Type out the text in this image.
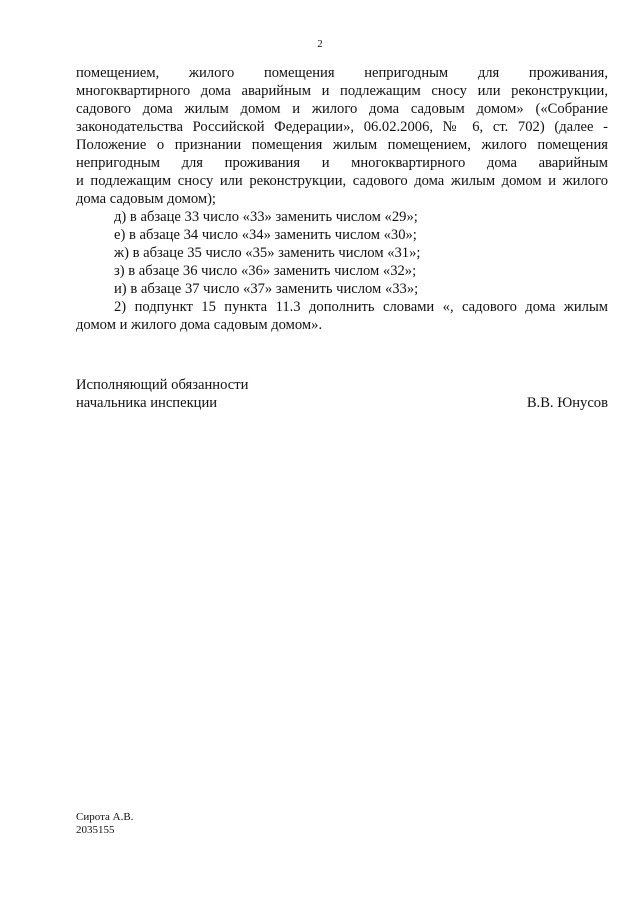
2
помещением, жилого помещения непригодным для проживания,
многоквартирного дома аварийным и подлежащим сносу или реконструкции,
садового дома жилым домом и жилого дома садовым домом» («Собрание
законодательства Российской Федерации», 06.02.2006, № 6, ст. 702) (далее -
Положение о признании помещения жилым помещением, жилого помещения
непригодным для проживания и многоквартирного дома аварийным
и подлежащим сносу или реконструкции, садового дома жилым домом и жилого
дома садовым домом);
д) в абзаце 33 число «33» заменить числом «29»;
е) в абзаце 34 число «34» заменить числом «30»;
ж) в абзаце 35 число «35» заменить числом «31»;
з) в абзаце 36 число «36» заменить числом «32»;
и) в абзаце 37 число «37» заменить числом «33»;
2) подпункт 15 пункта 11.3 дополнить словами «, садового дома жилым
домом и жилого дома садовым домом».
Исполняющий обязанности
начальника инспекции	В.В. Юнусов
Сирота А.В.
2035155
